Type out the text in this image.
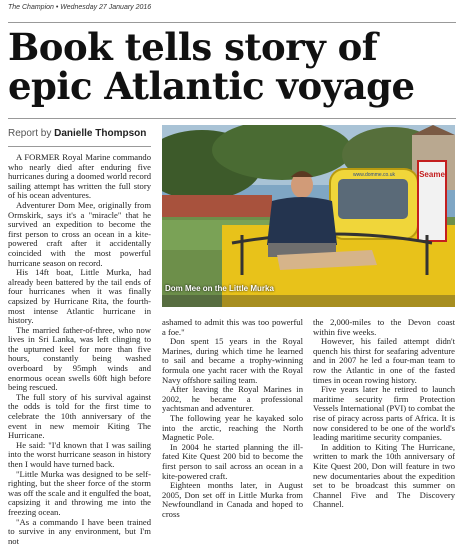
The Champion • Wednesday 27 January 2016
Book tells story of epic Atlantic voyage
Report by Danielle Thompson

A FORMER Royal Marine commando who nearly died after enduring five hurricanes during a doomed world record sailing attempt has written the full story of his ocean adventures.

Adventurer Dom Mee, originally from Ormskirk, says it's a "miracle" that he survived an expedition to become the first person to cross an ocean in a kite-powered craft after it accidentally coincided with the most powerful hurricane season on record.

His 14ft boat, Little Murka, had already been battered by the tail ends of four hurricanes when it was finally capsized by Hurricane Rita, the fourth-most intense Atlantic hurricane in history.

The married father-of-three, who now lives in Sri Lanka, was left clinging to the upturned keel for more than five hours, constantly being washed overboard by 95mph winds and enormous ocean swells 60ft high before being rescued.

The full story of his survival against the odds is told for the first time to celebrate the 10th anniversary of the event in new memoir Kiting The Hurricane.

He said: "I'd known that I was sailing into the worst hurricane season in history then I would have turned back.

"Little Murka was designed to be self-righting, but the sheer force of the storm was off the scale and it engulfed the boat, capsizing it and throwing me into the freezing ocean.

"As a commando I have been trained to survive in any environment, but I'm not

Seame
www.domme.co.uk
Dom Mee on the Little Murka

ashamed to admit this was too powerful a foe."

Don spent 15 years in the Royal Marines, during which time he learned to sail and became a trophy-winning formula one yacht racer with the Royal Navy offshore sailing team.

After leaving the Royal Marines in 2002, he became a professional yachtsman and adventurer.

The following year he kayaked solo into the arctic, reaching the North Magnetic Pole.

In 2004 he started planning the ill-fated Kite Quest 200 bid to become the first person to sail across an ocean in a kite-powered craft.

Eighteen months later, in August 2005, Don set off in Little Murka from Newfoundland in Canada and hoped to cross

the 2,000-miles to the Devon coast within five weeks.

However, his failed attempt didn't quench his thirst for seafaring adventure and in 2007 he led a four-man team to row the Atlantic in one of the fasted times in ocean rowing history.

Five years later he retired to launch maritime security firm Protection Vessels International (PVI) to combat the rise of piracy across parts of Africa. It is now considered to be one of the world's leading maritime security companies.

In addition to Kiting The Hurricane, written to mark the 10th anniversary of Kite Quest 200, Don will feature in two new documentaries about the expedition set to be broadcast this summer on Channel Five and The Discovery Channel.
